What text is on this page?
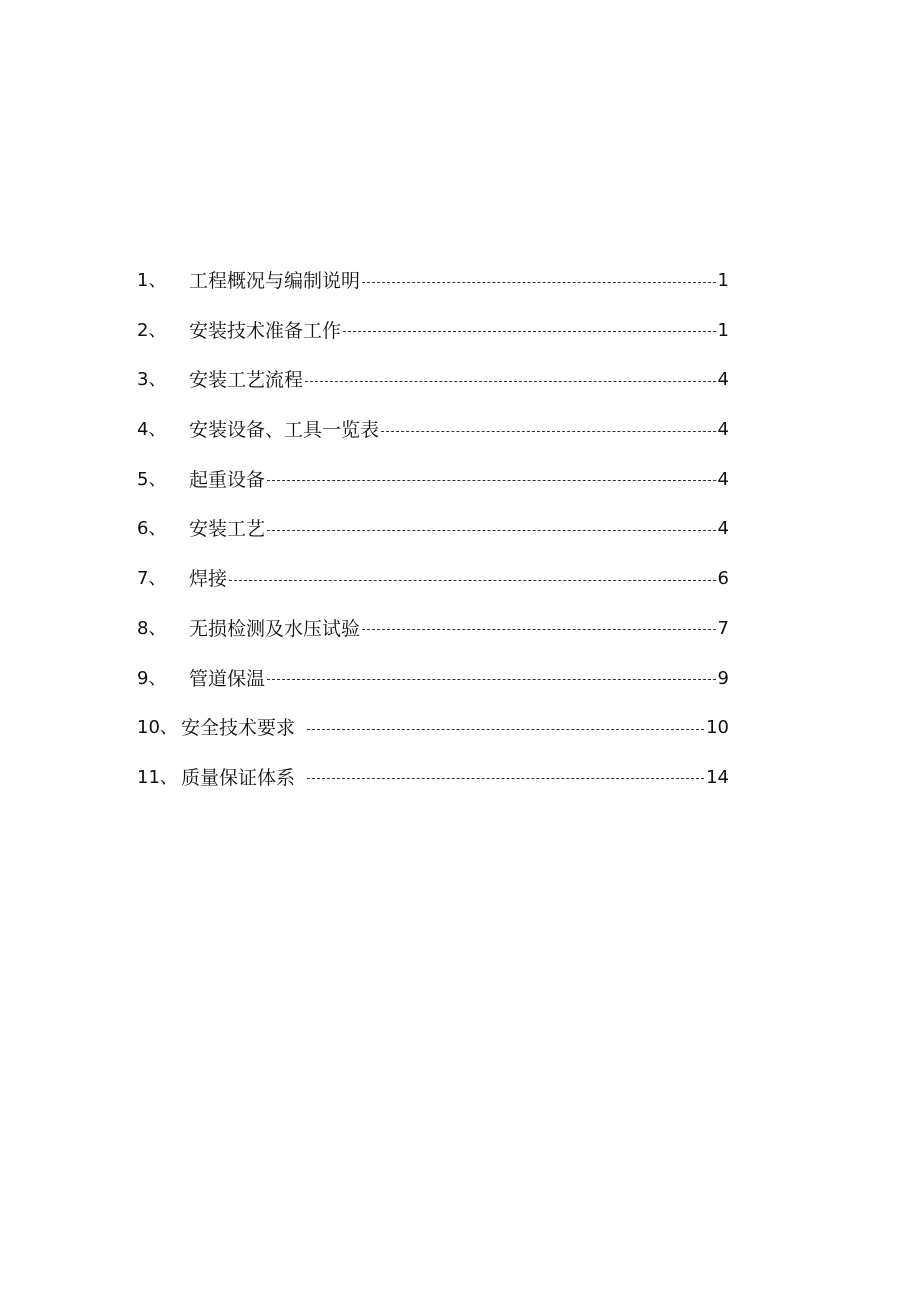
1、	工程概况与编制说明	1
2、	安装技术准备工作	1
3、	安装工艺流程	4
4、	安装设备、工具一览表	4
5、	起重设备	4
6、	安装工艺	4
7、	焊接	6
8、	无损检测及水压试验	7
9、	管道保温	9
10、 安全技术要求	10
11、 质量保证体系	14
